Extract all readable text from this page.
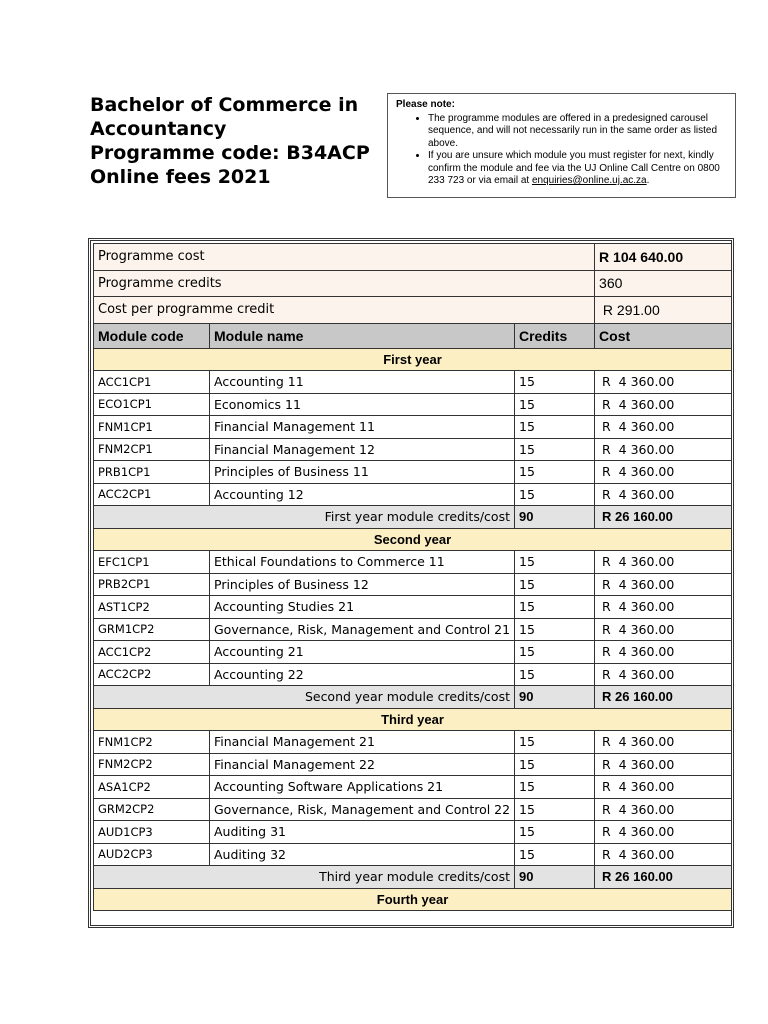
Bachelor of Commerce in
Accountancy
Programme code: B34ACP
Online fees 2021
Please note:
• The programme modules are offered in a predesigned carousel sequence, and will not necessarily run in the same order as listed above.
• If you are unsure which module you must register for next, kindly confirm the module and fee via the UJ Online Call Centre on 0800 233 723 or via email at enquiries@online.uj.ac.za.
Programme cost			R 104 640.00
Programme credits			360
Cost per programme credit			R 291.00
Module code	Module name	Credits	Cost
First year			
ACC1CP1	Accounting 11	15	R  4 360.00
ECO1CP1	Economics 11	15	R  4 360.00
FNM1CP1	Financial Management 11	15	R  4 360.00
FNM2CP1	Financial Management 12	15	R  4 360.00
PRB1CP1	Principles of Business 11	15	R  4 360.00
ACC2CP1	Accounting 12	15	R  4 360.00
First year module credits/cost		90	R 26 160.00
Second year			
EFC1CP1	Ethical Foundations to Commerce 11	15	R  4 360.00
PRB2CP1	Principles of Business 12	15	R  4 360.00
AST1CP2	Accounting Studies 21	15	R  4 360.00
GRM1CP2	Governance, Risk, Management and Control 21	15	R  4 360.00
ACC1CP2	Accounting 21	15	R  4 360.00
ACC2CP2	Accounting 22	15	R  4 360.00
Second year module credits/cost		90	R 26 160.00
Third year			
FNM1CP2	Financial Management 21	15	R  4 360.00
FNM2CP2	Financial Management 22	15	R  4 360.00
ASA1CP2	Accounting Software Applications 21	15	R  4 360.00
GRM2CP2	Governance, Risk, Management and Control 22	15	R  4 360.00
AUD1CP3	Auditing 31	15	R  4 360.00
AUD2CP3	Auditing 32	15	R  4 360.00
Third year module credits/cost		90	R 26 160.00
Fourth year			
